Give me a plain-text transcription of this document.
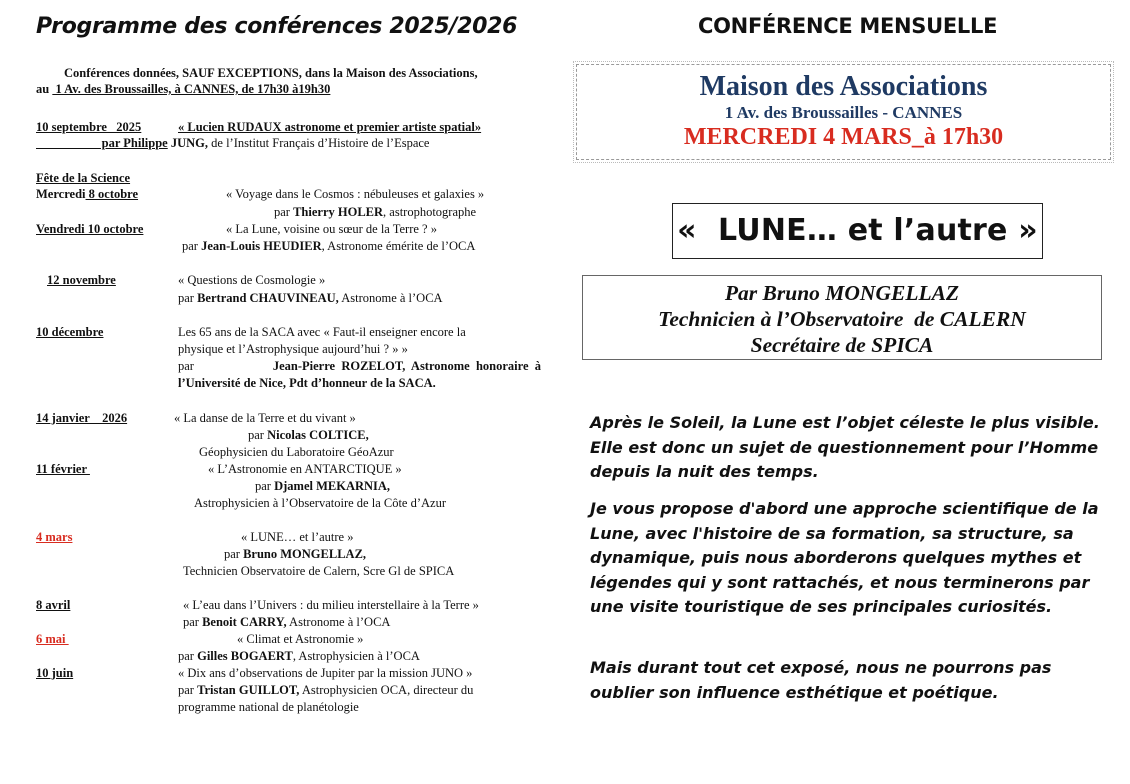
Programme des conférences 2025/2026	CONFÉRENCE MENSUELLE
Conférences données, SAUF EXCEPTIONS, dans la Maison des Associations,
au  1 Av. des Broussailles, à CANNES, de 17h30 à19h30
10 septembre   2025	« Lucien RUDAUX astronome et premier artiste spatial»
par Philippe JUNG, de l’Institut Français d’Histoire de l’Espace
Fête de la Science
Mercredi 8 octobre	« Voyage dans le Cosmos : nébuleuses et galaxies »
par Thierry HOLER, astrophotographe
Vendredi 10 octobre	« La Lune, voisine ou sœur de la Terre ? »
par Jean-Louis HEUDIER, Astronome émérite de l’OCA
12 novembre	« Questions de Cosmologie »
par Bertrand CHAUVINEAU, Astronome à l’OCA
10 décembre	Les 65 ans de la SACA avec « Faut-il enseigner encore la
physique et l’Astrophysique aujourd’hui ? » »
par	Jean-Pierre  ROZELOT,  Astronome  honoraire  à
l’Université de Nice, Pdt d’honneur de la SACA.
14 janvier    2026	« La danse de la Terre et du vivant »
par Nicolas COLTICE,
Géophysicien du Laboratoire GéoAzur
11 février	« L’Astronomie en ANTARCTIQUE »
par Djamel MEKARNIA,
Astrophysicien à l’Observatoire de la Côte d’Azur
4 mars	« LUNE… et l’autre »
par Bruno MONGELLAZ,
Technicien Observatoire de Calern, Scre Gl de SPICA
8 avril	« L’eau dans l’Univers : du milieu interstellaire à la Terre »
par Benoit CARRY, Astronome à l’OCA
6 mai	« Climat et Astronomie »
par Gilles BOGAERT, Astrophysicien à l’OCA
10 juin	« Dix ans d’observations de Jupiter par la mission JUNO »
par Tristan GUILLOT, Astrophysicien OCA, directeur du
programme national de planétologie
Maison des Associations
1 Av. des Broussailles - CANNES
MERCREDI 4 MARS_à 17h30
«  LUNE… et l’autre »
Par Bruno MONGELLAZ
Technicien à l’Observatoire  de CALERN
Secrétaire de SPICA
Après le Soleil, la Lune est l’objet céleste le plus visible. Elle est donc un sujet de questionnement pour l’Homme depuis la nuit des temps.
Je vous propose d'abord une approche scientifique de la Lune, avec l'histoire de sa formation, sa structure, sa dynamique, puis nous aborderons quelques mythes et légendes qui y sont rattachés, et nous terminerons par une visite touristique de ses principales curiosités.
Mais durant tout cet exposé, nous ne pourrons pas oublier son influence esthétique et poétique.
